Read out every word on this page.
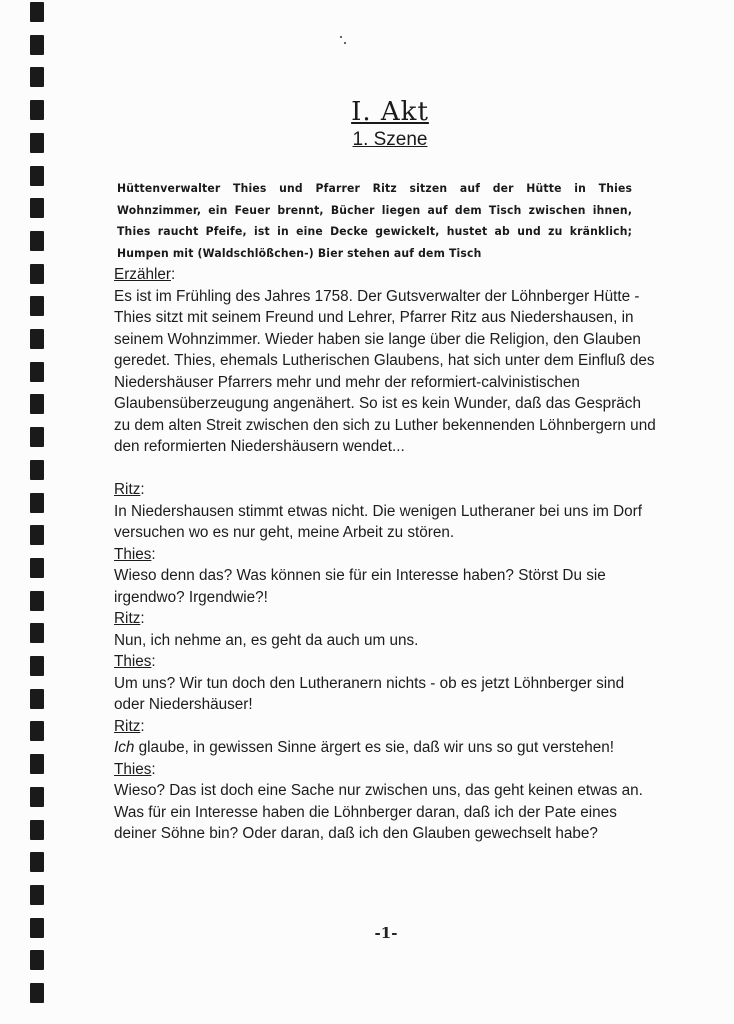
I. Akt
1. Szene
Hüttenverwalter Thies und Pfarrer Ritz sitzen auf der Hütte in Thies Wohnzimmer, ein Feuer brennt, Bücher liegen auf dem Tisch zwischen ihnen, Thies raucht Pfeife, ist in eine Decke gewickelt, hustet ab und zu kränklich; Humpen mit (Waldschlößchen-) Bier stehen auf dem Tisch

Erzähler:

Es ist im Frühling des Jahres 1758. Der Gutsverwalter der Löhnberger Hütte - Thies sitzt mit seinem Freund und Lehrer, Pfarrer Ritz aus Niedershausen, in seinem Wohnzimmer. Wieder haben sie lange über die Religion, den Glauben geredet. Thies, ehemals Lutherischen Glaubens, hat sich unter dem Einfluß des Niedershäuser Pfarrers mehr und mehr der reformiert-calvinistischen Glaubensüberzeugung angenähert. So ist es kein Wunder, daß das Gespräch zu dem alten Streit zwischen den sich zu Luther bekennenden Löhnbergern und den reformierten Niedershäusern wendet...

Ritz:

In Niedershausen stimmt etwas nicht. Die wenigen Lutheraner bei uns im Dorf versuchen wo es nur geht, meine Arbeit zu stören.

Thies:

Wieso denn das? Was können sie für ein Interesse haben? Störst Du sie irgendwo? Irgendwie?!

Ritz:

Nun, ich nehme an, es geht da auch um uns.

Thies:

Um uns? Wir tun doch den Lutheranern nichts - ob es jetzt Löhnberger sind oder Niedershäuser!

Ritz:

Ich glaube, in gewissen Sinne ärgert es sie, daß wir uns so gut verstehen!

Thies:

Wieso? Das ist doch eine Sache nur zwischen uns, das geht keinen etwas an. Was für ein Interesse haben die Löhnberger daran, daß ich der Pate eines deiner Söhne bin? Oder daran, daß ich den Glauben gewechselt habe?

-1-
